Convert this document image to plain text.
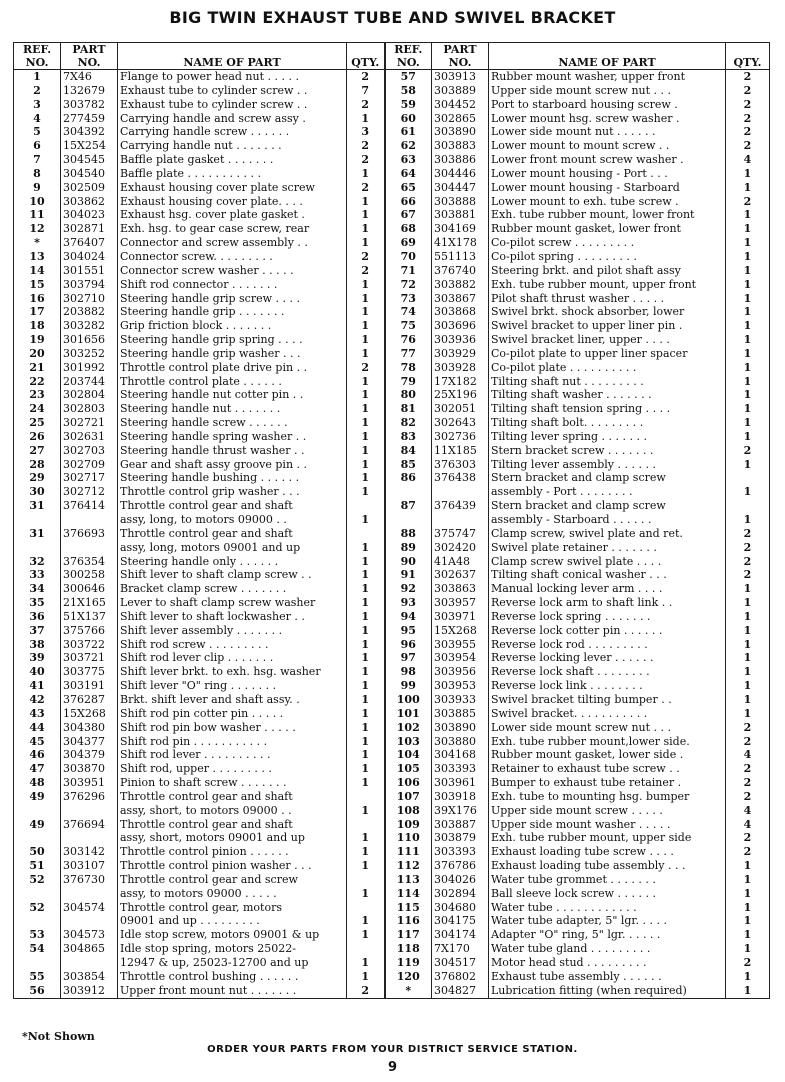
BIG TWIN EXHAUST TUBE AND SWIVEL BRACKET
REF.
NO.	PART
NO.	NAME OF PART	QTY.	REF.
NO.	PART
NO.	NAME OF PART	QTY.
1	7X46	Flange to power head nut . . . . .	2	57	303913	Rubber mount washer, upper front	2
2	132679	Exhaust tube to cylinder screw . .	7	58	303889	Upper side mount screw nut . . .	2
3	303782	Exhaust tube to cylinder screw . .	2	59	304452	Port to starboard housing screw .	2
4	277459	Carrying handle and screw assy .	1	60	302865	Lower mount hsg. screw washer .	2
5	304392	Carrying handle screw . . . . . .	3	61	303890	Lower side mount nut . . . . . .	2
6	15X254	Carrying handle nut . . . . . . .	2	62	303883	Lower mount to mount screw . .	2
7	304545	Baffle plate gasket . . . . . . .	2	63	303886	Lower front mount screw washer .	4
8	304540	Baffle plate . . . . . . . . . . .	1	64	304446	Lower mount housing - Port . . .	1
9	302509	Exhaust housing cover plate screw	2	65	304447	Lower mount housing - Starboard	1
10	303862	Exhaust housing cover plate. . . .	1	66	303888	Lower mount to exh. tube screw .	2
11	304023	Exhaust hsg. cover plate gasket .	1	67	303881	Exh. tube rubber mount, lower front	1
12	302871	Exh. hsg. to gear case screw, rear	1	68	304169	Rubber mount gasket, lower front	1
*	376407	Connector and screw assembly . .	1	69	41X178	Co-pilot screw . . . . . . . . .	1
13	304024	Connector screw. . . . . . . . .	2	70	551113	Co-pilot spring . . . . . . . . .	1
14	301551	Connector screw washer . . . . .	2	71	376740	Steering brkt. and pilot shaft assy	1
15	303794	Shift rod connector . . . . . . .	1	72	303882	Exh. tube rubber mount, upper front	1
16	302710	Steering handle grip screw . . . .	1	73	303867	Pilot shaft thrust washer . . . . .	1
17	203882	Steering handle grip . . . . . . .	1	74	303868	Swivel brkt. shock absorber, lower	1
18	303282	Grip friction block . . . . . . .	1	75	303696	Swivel bracket to upper liner pin .	1
19	301656	Steering handle grip spring . . . .	1	76	303936	Swivel bracket liner, upper . . . .	1
20	303252	Steering handle grip washer . . .	1	77	303929	Co-pilot plate to upper liner spacer	1
21	301992	Throttle control plate drive pin . .	2	78	303928	Co-pilot plate . . . . . . . . . .	1
22	203744	Throttle control plate . . . . . .	1	79	17X182	Tilting shaft nut . . . . . . . . .	1
23	302804	Steering handle nut cotter pin . .	1	80	25X196	Tilting shaft washer . . . . . . .	1
24	302803	Steering handle nut . . . . . . .	1	81	302051	Tilting shaft tension spring . . . .	1
25	302721	Steering handle screw . . . . . .	1	82	302643	Tilting shaft bolt. . . . . . . . .	1
26	302631	Steering handle spring washer . .	1	83	302736	Tilting lever spring . . . . . . .	1
27	302703	Steering handle thrust washer . .	1	84	11X185	Stern bracket screw . . . . . . .	2
28	302709	Gear and shaft assy groove pin . .	1	85	376303	Tilting lever assembly . . . . . .	1
29	302717	Steering handle bushing . . . . . .	1	86	376438	Stern bracket and clamp screw	
30	302712	Throttle control grip washer . . .	1			assembly - Port . . . . . . . .	1
31	376414	Throttle control gear and shaft		87	376439	Stern bracket and clamp screw	
		assy, long, to motors 09000 . .	1			assembly - Starboard . . . . . .	1
31	376693	Throttle control gear and shaft		88	375747	Clamp screw, swivel plate and ret.	2
		assy, long, motors 09001 and up	1	89	302420	Swivel plate retainer . . . . . . .	2
32	376354	Steering handle only . . . . . .	1	90	41A48	Clamp screw swivel plate . . . .	2
33	300258	Shift lever to shaft clamp screw . .	1	91	302637	Tilting shaft conical washer . . .	2
34	300646	Bracket clamp screw . . . . . . .	1	92	303863	Manual locking lever arm . . . .	1
35	21X165	Lever to shaft clamp screw washer	1	93	303957	Reverse lock arm to shaft link . .	1
36	51X137	Shift lever to shaft lockwasher . .	1	94	303971	Reverse lock spring . . . . . . .	1
37	375766	Shift lever assembly . . . . . . .	1	95	15X268	Reverse lock cotter pin . . . . . .	1
38	303722	Shift rod screw . . . . . . . . .	1	96	303955	Reverse lock rod . . . . . . . . .	1
39	303721	Shift rod lever clip . . . . . . .	1	97	303954	Reverse locking lever . . . . . .	1
40	303775	Shift lever brkt. to exh. hsg. washer	1	98	303956	Reverse lock shaft . . . . . . . .	1
41	303191	Shift lever "O" ring . . . . . . .	1	99	303953	Reverse lock link . . . . . . . .	1
42	376287	Brkt. shift lever and shaft assy. .	1	100	303933	Swivel bracket tilting bumper . .	1
43	15X268	Shift rod pin cotter pin . . . . .	1	101	303885	Swivel bracket. . . . . . . . . . .	1
44	304380	Shift rod pin bow washer . . . . .	1	102	303890	Lower side mount screw nut . . .	2
45	304377	Shift rod pin . . . . . . . . . . .	1	103	303880	Exh. tube rubber mount,lower side.	2
46	304379	Shift rod lever . . . . . . . . . .	1	104	304168	Rubber mount gasket, lower side .	4
47	303870	Shift rod, upper . . . . . . . . .	1	105	303393	Retainer to exhaust tube screw . .	2
48	303951	Pinion to shaft screw . . . . . . .	1	106	303961	Bumper to exhaust tube retainer .	2
49	376296	Throttle control gear and shaft		107	303918	Exh. tube to mounting hsg. bumper	2
		assy, short, to motors 09000 . .	1	108	39X176	Upper side mount screw . . . . .	4
49	376694	Throttle control gear and shaft		109	303887	Upper side mount washer . . . . .	4
		assy, short, motors 09001 and up	1	110	303879	Exh. tube rubber mount, upper side	2
50	303142	Throttle control pinion . . . . . .	1	111	303393	Exhaust loading tube screw . . . .	2
51	303107	Throttle control pinion washer . . .	1	112	376786	Exhaust loading tube assembly . . .	1
52	376730	Throttle control gear and screw		113	304026	Water tube grommet . . . . . . .	1
		assy, to motors 09000 . . . . .	1	114	302894	Ball sleeve lock screw . . . . . .	1
52	304574	Throttle control gear, motors		115	304680	Water tube . . . . . . . . . . . .	1
		09001 and up . . . . . . . . .	1	116	304175	Water tube adapter, 5" lgr. . . . .	1
53	304573	Idle stop screw, motors 09001 & up	1	117	304174	Adapter "O" ring, 5" lgr. . . . . .	1
54	304865	Idle stop spring, motors 25022-		118	7X170	Water tube gland . . . . . . . . .	1
		12947 & up, 25023-12700 and up	1	119	304517	Motor head stud . . . . . . . . .	2
55	303854	Throttle control bushing . . . . . .	1	120	376802	Exhaust tube assembly . . . . . .	1
56	303912	Upper front mount nut . . . . . . .	2	*	304827	Lubrication fitting (when required)	1
*Not Shown
ORDER YOUR PARTS FROM YOUR DISTRICT SERVICE STATION.
9
